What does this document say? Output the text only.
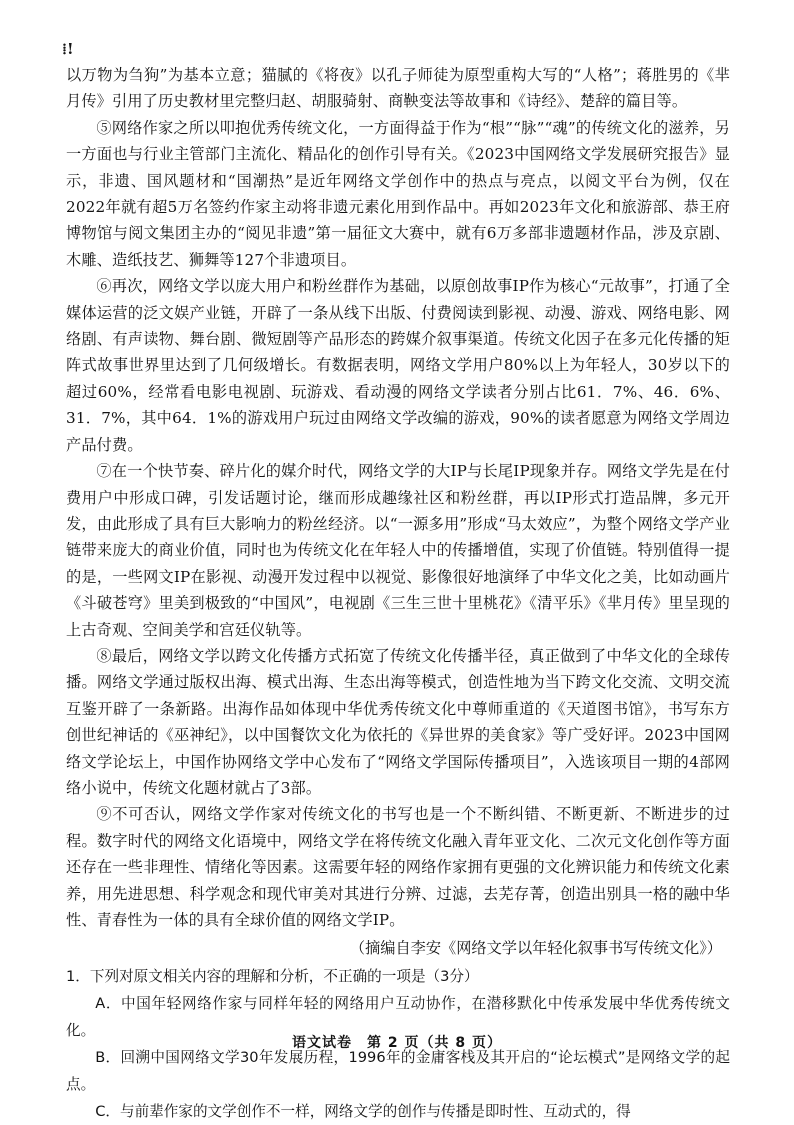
⁞!

以万物为刍狗”为基本立意；猫腻的《将夜》以孔子师徒为原型重构大写的“人格”；蒋胜男的《芈月传》引用了历史教材里完整归赵、胡服骑射、商鞅变法等故事和《诗经》、楚辞的篇目等。

⑤网络作家之所以叩抱优秀传统文化，一方面得益于作为“根”“脉”“魂”的传统文化的滋养，另一方面也与行业主管部门主流化、精品化的创作引导有关。《2023中国网络文学发展研究报告》显示，非遗、国风题材和“国潮热”是近年网络文学创作中的热点与亮点，以阅文平台为例，仅在2022年就有超5万名签约作家主动将非遗元素化用到作品中。再如2023年文化和旅游部、恭王府博物馆与阅文集团主办的“阅见非遗”第一届征文大赛中，就有6万多部非遗题材作品，涉及京剧、木雕、造纸技艺、狮舞等127个非遗项目。

⑥再次，网络文学以庞大用户和粉丝群作为基础，以原创故事IP作为核心“元故事”，打通了全媒体运营的泛文娱产业链，开辟了一条从线下出版、付费阅读到影视、动漫、游戏、网络电影、网络剧、有声读物、舞台剧、微短剧等产品形态的跨媒介叙事渠道。传统文化因子在多元化传播的矩阵式故事世界里达到了几何级增长。有数据表明，网络文学用户80%以上为年轻人，30岁以下的超过60%，经常看电影电视剧、玩游戏、看动漫的网络文学读者分别占比61．7%、46．6%、31．7%，其中64．1%的游戏用户玩过由网络文学改编的游戏，90%的读者愿意为网络文学周边产品付费。

⑦在一个快节奏、碎片化的媒介时代，网络文学的大IP与长尾IP现象并存。网络文学先是在付费用户中形成口碑，引发话题讨论，继而形成趣缘社区和粉丝群，再以IP形式打造品牌，多元开发，由此形成了具有巨大影响力的粉丝经济。以“一源多用”形成“马太效应”，为整个网络文学产业链带来庞大的商业价值，同时也为传统文化在年轻人中的传播增值，实现了价值链。特别值得一提的是，一些网文IP在影视、动漫开发过程中以视觉、影像很好地演绎了中华文化之美，比如动画片《斗破苍穹》里美到极致的“中国风”，电视剧《三生三世十里桃花》《清平乐》《芈月传》里呈现的上古奇观、空间美学和宫廷仪轨等。

⑧最后，网络文学以跨文化传播方式拓宽了传统文化传播半径，真正做到了中华文化的全球传播。网络文学通过版权出海、模式出海、生态出海等模式，创造性地为当下跨文化交流、文明交流互鉴开辟了一条新路。出海作品如体现中华优秀传统文化中尊师重道的《天道图书馆》，书写东方创世纪神话的《巫神纪》，以中国餐饮文化为依托的《异世界的美食家》等广受好评。2023中国网络文学论坛上，中国作协网络文学中心发布了“网络文学国际传播项目”，入选该项目一期的4部网络小说中，传统文化题材就占了3部。

⑨不可否认，网络文学作家对传统文化的书写也是一个不断纠错、不断更新、不断进步的过程。数字时代的网络文化语境中，网络文学在将传统文化融入青年亚文化、二次元文化创作等方面还存在一些非理性、情绪化等因素。这需要年轻的网络作家拥有更强的文化辨识能力和传统文化素养，用先进思想、科学观念和现代审美对其进行分辨、过滤，去芜存菁，创造出别具一格的融中华性、青春性为一体的具有全球价值的网络文学IP。

（摘编自李安《网络文学以年轻化叙事书写传统文化》）

1．下列对原文相关内容的理解和分析，不正确的一项是（3分）

A．中国年轻网络作家与同样年轻的网络用户互动协作，在潜移默化中传承发展中华优秀传统文化。

B．回溯中国网络文学30年发展历程，1996年的金庸客栈及其开启的“论坛模式”是网络文学的起点。

C．与前辈作家的文学创作不一样，网络文学的创作与传播是即时性、互动式的，得

语文试卷　第 2 页（共 8 页）
